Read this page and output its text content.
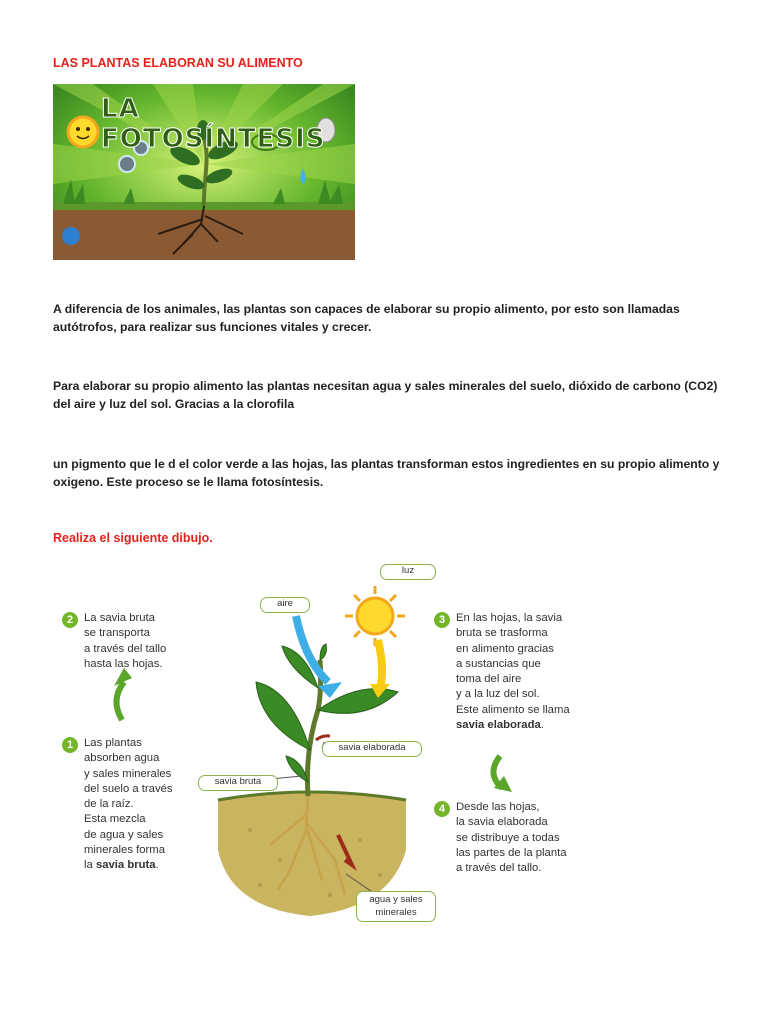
LAS PLANTAS ELABORAN SU ALIMENTO
LA FOTOSÍNTESIS
A diferencia de los animales, las plantas son capaces de elaborar su propio alimento, por esto son llamadas autótrofos, para realizar sus funciones vitales y crecer.
Para elaborar su propio alimento las plantas necesitan agua y sales minerales del suelo, dióxido de carbono (CO2) del aire y luz del sol. Gracias a la clorofila
un pigmento que le d el color verde a las hojas, las plantas transforman estos ingredientes en su propio alimento y oxigeno. Este proceso se le llama fotosíntesis.
Realiza el siguiente dibujo.
luz
aire
savia elaborada
savia bruta
agua y sales
minerales
2 La savia bruta
se transporta
a través del tallo
hasta las hojas.
1 Las plantas
absorben agua
y sales minerales
del suelo a través
de la raíz.
Esta mezcla
de agua y sales
minerales forma
la savia bruta.
3 En las hojas, la savia
bruta se trasforma
en alimento gracias
a sustancias que
toma del aire
y a la luz del sol.
Este alimento se llama
savia elaborada.
4 Desde las hojas,
la savia elaborada
se distribuye a todas
las partes de la planta
a través del tallo.
